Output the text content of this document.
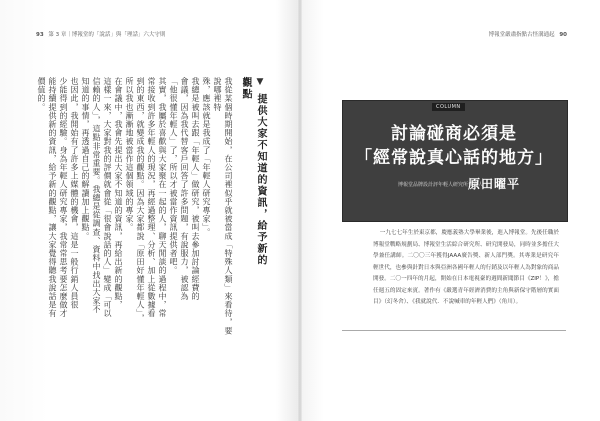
93 第 3 章｜博報堂的「說話」與「理話」六大守則	博報堂嚴肅指點古怪溝通起 90
▼ 提供大家不知道的資訊，給予新的觀點
我從某個時期開始，在公司裡似乎就被當成「特殊人類」來看待，要說哪裡特
殊，應該就是我成了「年輕人研究專家」。
我總是被叫去跟「年輕人」做研究，被叫去參加討論經費的
會議，因為我代替客戶回答了許多問題，有說服力，被認為
「他很懂年輕人」了，所以才被當作資訊提供者吧。
其實，我屬於喜歡與大家聚在一起的人，聊天閒談的過程中，常
常接收到許多年輕人的現況，再經過整理、分析、加上從數據看
到的東西，就變成我的觀點。因為大家都說「原田好懂年輕人」，
所以我也漸漸地被當作這個領域的專家。
在會議中，我會先提出大家不知道的資訊，再給出新的觀點，
這樣一來，大家對我的評價就會從「很會說話的人」變成「可以
信賴的人」，這點非常重要。我總是從調查、資料中找出大家不
知道的事情，再透過自己的解讀加上觀點。
也因此，我開始有了許多上媒體的機會，這是一般行銷人員很
少能得到的經驗。身為年輕人研究專家，我常常思考要怎麼做才
能持續提供新的資訊，給予新的觀點，讓大家覺得聽我說話是有
價值的。	COLUMN
討論碰商必須是
「經常說真心話的地方」
博報堂品牌設計評年輕人研究所負責人
原田曜平

一九七七年生於東京都，慶應義塾大學畢業後，進入博報堂。先後任職於博報堂戰略規劃局、博報堂生活綜合研究所、研究開發局，同時並多擔任大學兼任講師。二〇〇三年獲得JAAA廣告獎、新人部門獎。其專業是研究年輕世代，也參與針對日本與亞洲各國年輕人的行銷及以年輕人為對象的商品開發。二〇一四年的月起，開始在日本電視臺的週間新聞節目《ZIP！》，擔任週五的固定來賓。著作有《嚴選青年經濟消費的主角與新保守階層的實面目》（幻冬舍）、《我就說代．不說喊車的年輕人們》（角川）。
